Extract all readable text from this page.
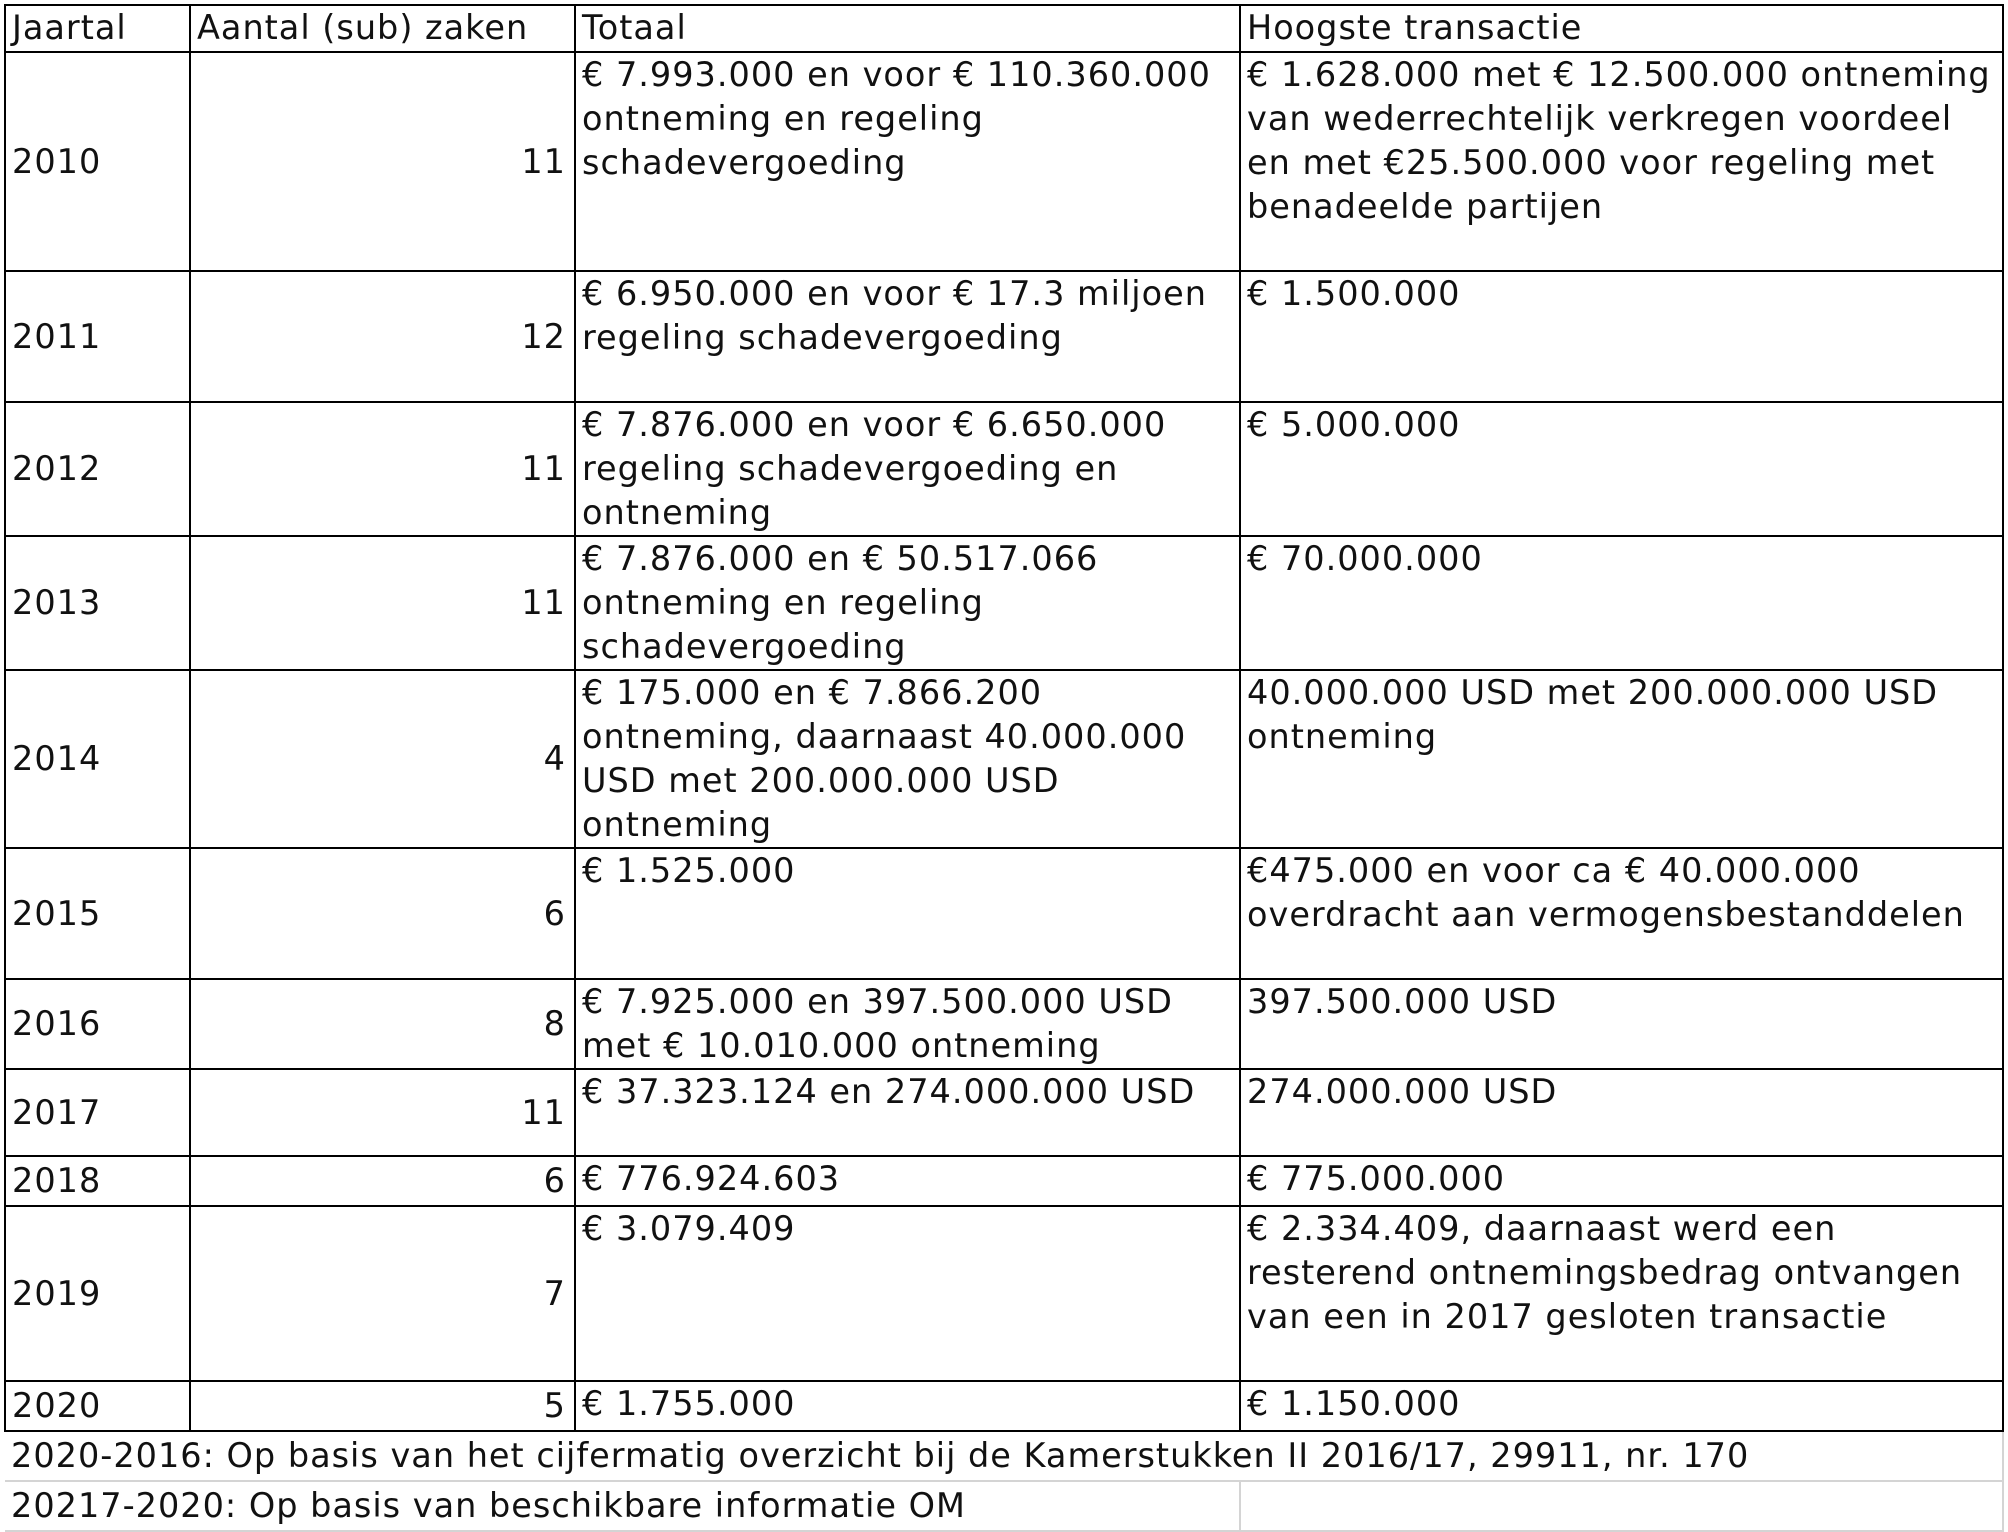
Jaartal	Aantal (sub) zaken	Totaal	Hoogste transactie
2010	11	€ 7.993.000 en voor € 110.360.000 ontneming en regeling schadevergoeding	€ 1.628.000 met € 12.500.000 ontneming van wederrechtelijk verkregen voordeel en met €25.500.000 voor regeling met benadeelde partijen
2011	12	€ 6.950.000 en voor € 17.3 miljoen regeling schadevergoeding	€ 1.500.000
2012	11	€ 7.876.000 en voor € 6.650.000 regeling schadevergoeding en ontneming	€ 5.000.000
2013	11	€ 7.876.000 en € 50.517.066 ontneming en regeling schadevergoeding	€ 70.000.000
2014	4	€ 175.000 en € 7.866.200 ontneming, daarnaast 40.000.000 USD met 200.000.000 USD ontneming	40.000.000 USD met 200.000.000 USD ontneming
2015	6	€ 1.525.000	€475.000 en voor ca € 40.000.000 overdracht aan vermogensbestanddelen
2016	8	€ 7.925.000 en 397.500.000 USD met € 10.010.000 ontneming	397.500.000 USD
2017	11	€ 37.323.124 en 274.000.000 USD	274.000.000 USD
2018	6	€ 776.924.603	€ 775.000.000
2019	7	€ 3.079.409	€ 2.334.409, daarnaast werd een resterend ontnemingsbedrag ontvangen van een in 2017 gesloten transactie
2020	5	€ 1.755.000	€ 1.150.000
2020-2016: Op basis van het cijfermatig overzicht bij de Kamerstukken II 2016/17, 29911, nr. 170			
20217-2020: Op basis van beschikbare informatie OM			
